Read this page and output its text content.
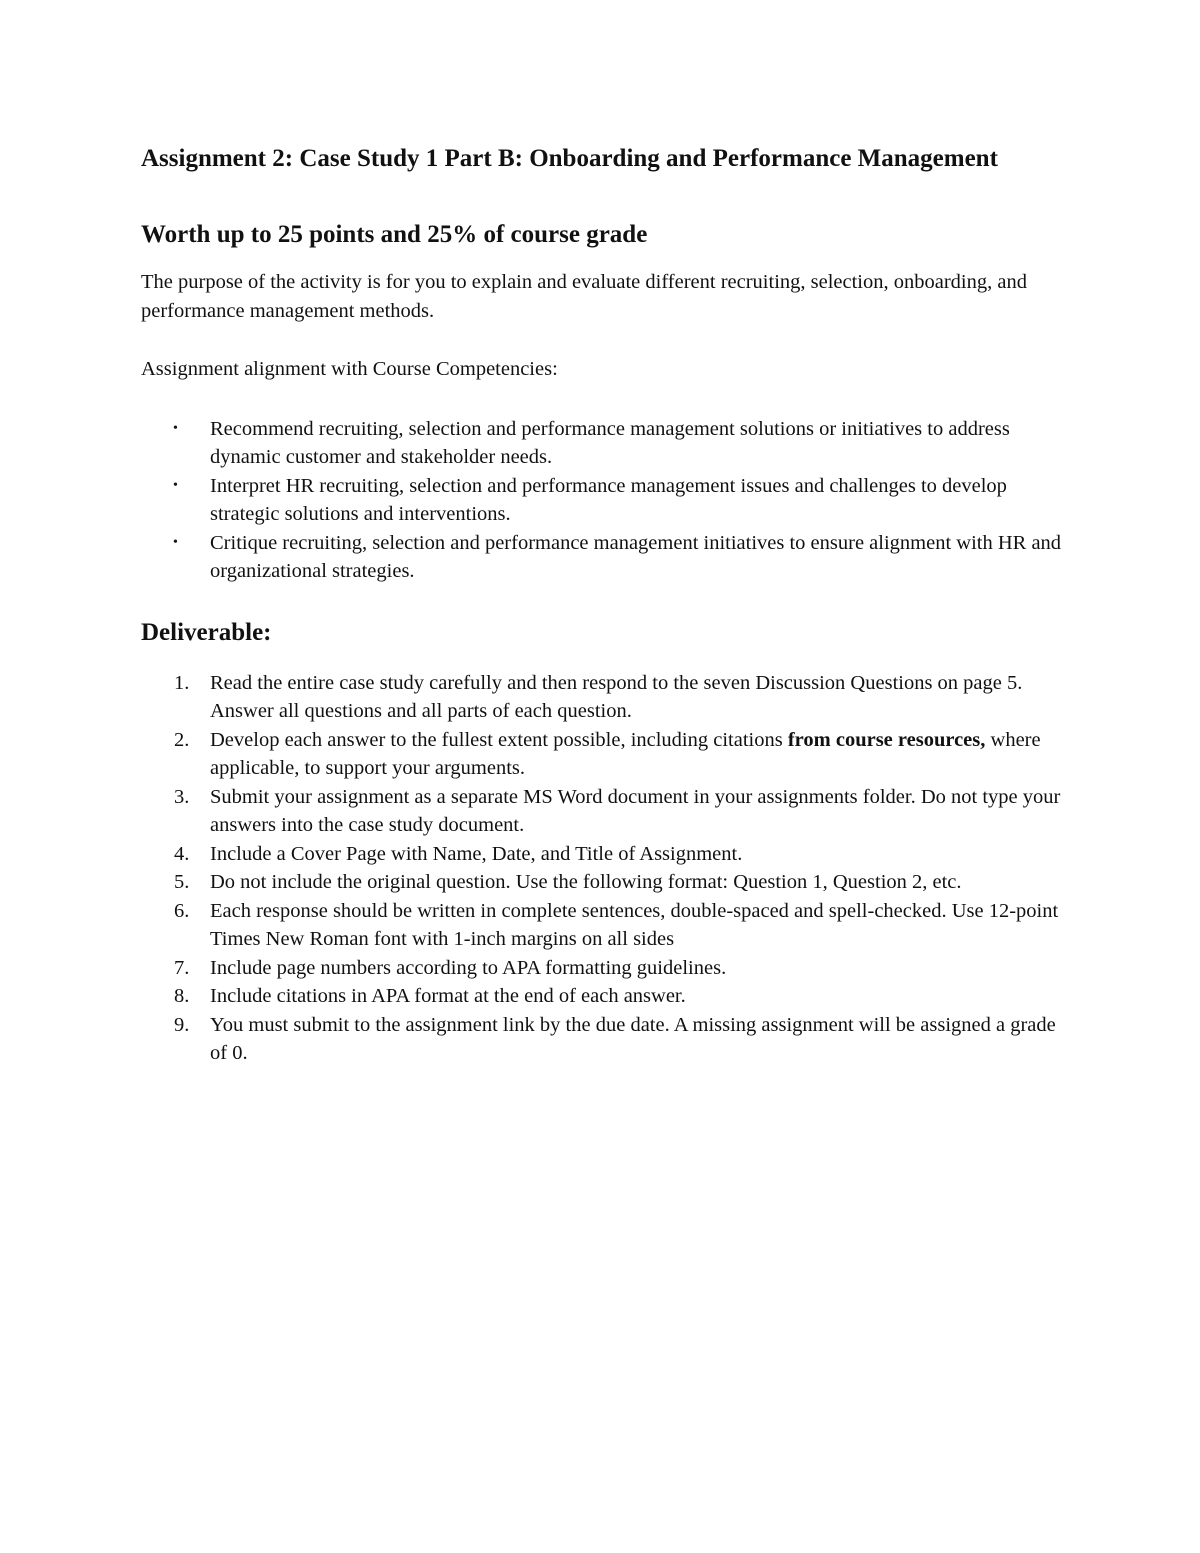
Assignment 2: Case Study 1 Part B: Onboarding and Performance Management
Worth up to 25 points and 25% of course grade

The purpose of the activity is for you to explain and evaluate different recruiting, selection, onboarding, and performance management methods.

Assignment alignment with Course Competencies:

• Recommend recruiting, selection and performance management solutions or initiatives to address dynamic customer and stakeholder needs.
• Interpret HR recruiting, selection and performance management issues and challenges to develop strategic solutions and interventions.
• Critique recruiting, selection and performance management initiatives to ensure alignment with HR and organizational strategies.
Deliverable:
1. Read the entire case study carefully and then respond to the seven Discussion Questions on page 5. Answer all questions and all parts of each question.
2. Develop each answer to the fullest extent possible, including citations from course resources, where applicable, to support your arguments.
3. Submit your assignment as a separate MS Word document in your assignments folder. Do not type your answers into the case study document.
4. Include a Cover Page with Name, Date, and Title of Assignment.
5. Do not include the original question. Use the following format: Question 1, Question 2, etc.
6. Each response should be written in complete sentences, double-spaced and spell-checked. Use 12-point Times New Roman font with 1-inch margins on all sides
7. Include page numbers according to APA formatting guidelines.
8. Include citations in APA format at the end of each answer.
9. You must submit to the assignment link by the due date. A missing assignment will be assigned a grade of 0.
